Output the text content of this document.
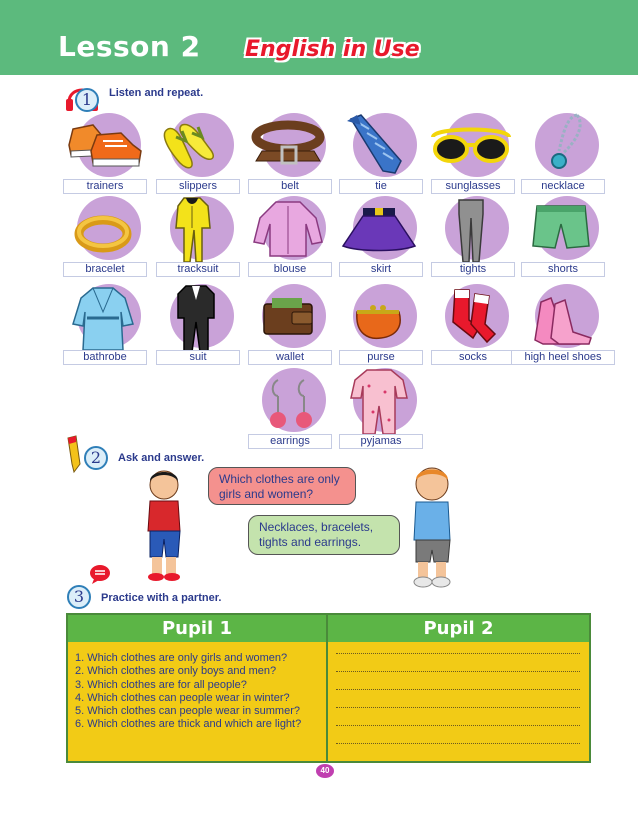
Lesson 2 English in Use
1	Listen and repeat.
trainers	slippers	belt	tie	sunglasses	necklace
bracelet	tracksuit	blouse	skirt	tights	shorts
bathrobe	suit	wallet	purse	socks	high heel shoes
earrings	pyjamas
2	Ask and answer.
Which clothes are only girls and women?
Necklaces, bracelets, tights and earrings.
3	Practice with a partner.
Pupil 1	Pupil 2
1. Which clothes are only girls and women?
2. Which clothes are only boys and men?
3. Which clothes are for all people?
4. Which clothes can people wear in winter?
5. Which clothes can people wear in summer?
6. Which clothes are thick and which are light?
40
